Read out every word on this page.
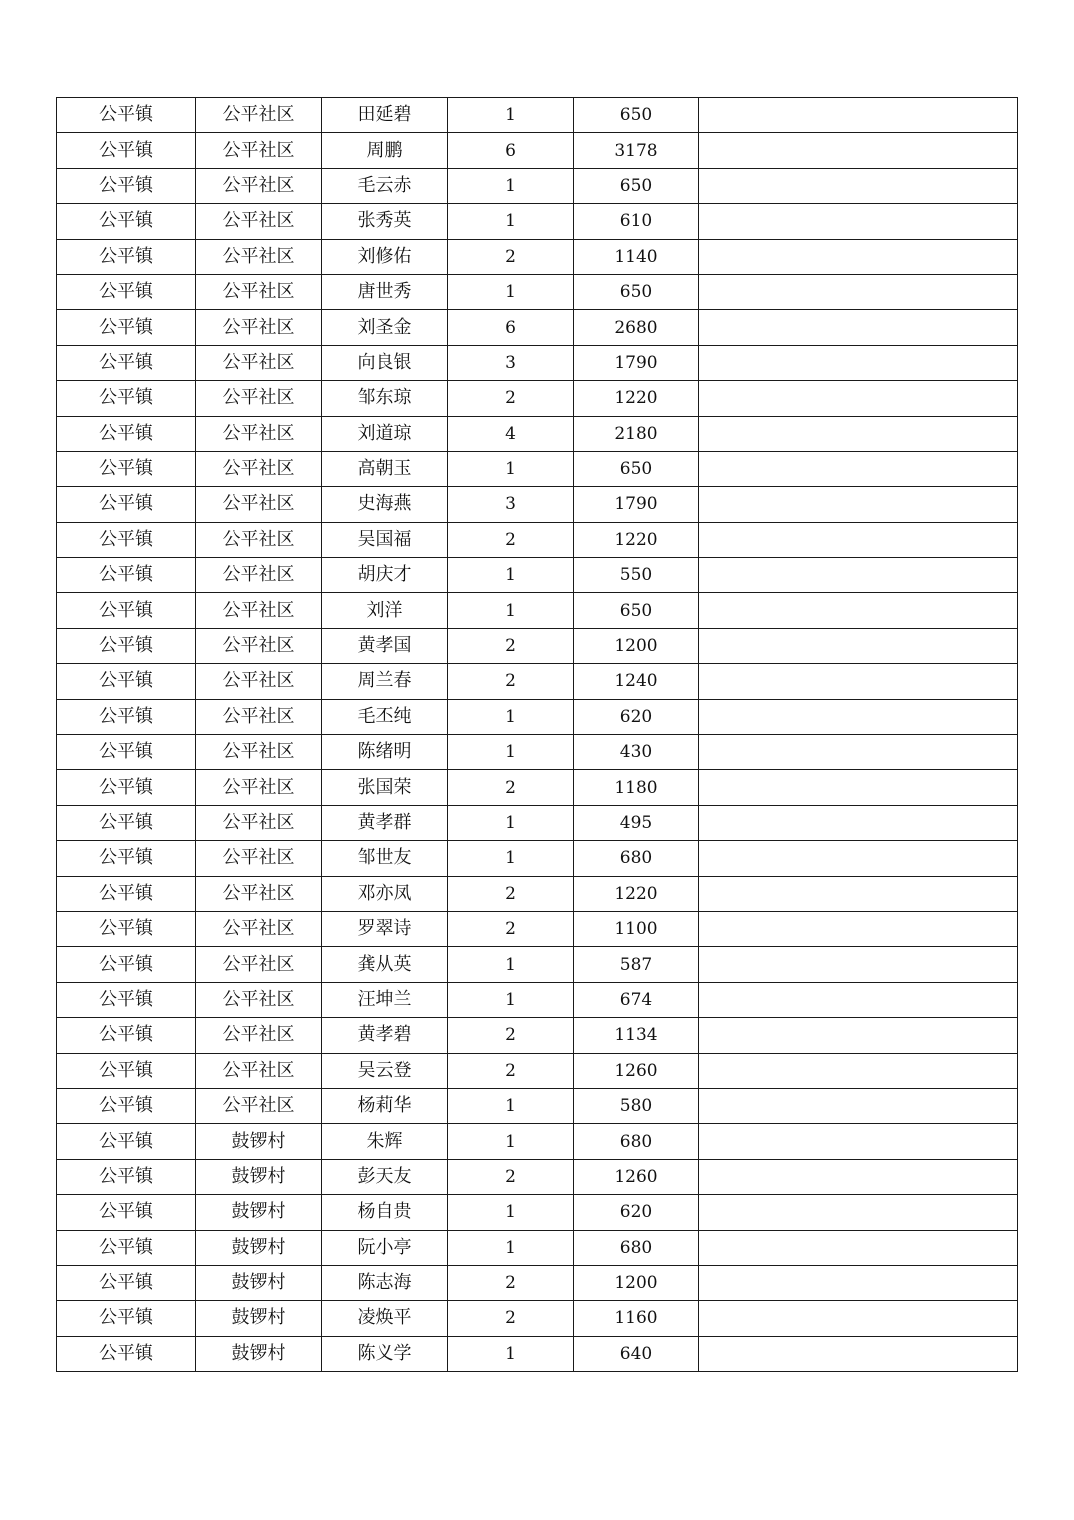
公平镇	公平社区	田延碧	1	650	
公平镇	公平社区	周鹏	6	3178	
公平镇	公平社区	毛云赤	1	650	
公平镇	公平社区	张秀英	1	610	
公平镇	公平社区	刘修佑	2	1140	
公平镇	公平社区	唐世秀	1	650	
公平镇	公平社区	刘圣金	6	2680	
公平镇	公平社区	向良银	3	1790	
公平镇	公平社区	邹东琼	2	1220	
公平镇	公平社区	刘道琼	4	2180	
公平镇	公平社区	高朝玉	1	650	
公平镇	公平社区	史海燕	3	1790	
公平镇	公平社区	吴国福	2	1220	
公平镇	公平社区	胡庆才	1	550	
公平镇	公平社区	刘洋	1	650	
公平镇	公平社区	黄孝国	2	1200	
公平镇	公平社区	周兰春	2	1240	
公平镇	公平社区	毛丕纯	1	620	
公平镇	公平社区	陈绪明	1	430	
公平镇	公平社区	张国荣	2	1180	
公平镇	公平社区	黄孝群	1	495	
公平镇	公平社区	邹世友	1	680	
公平镇	公平社区	邓亦凤	2	1220	
公平镇	公平社区	罗翠诗	2	1100	
公平镇	公平社区	龚从英	1	587	
公平镇	公平社区	汪坤兰	1	674	
公平镇	公平社区	黄孝碧	2	1134	
公平镇	公平社区	吴云登	2	1260	
公平镇	公平社区	杨莉华	1	580	
公平镇	鼓锣村	朱辉	1	680	
公平镇	鼓锣村	彭天友	2	1260	
公平镇	鼓锣村	杨自贵	1	620	
公平镇	鼓锣村	阮小亭	1	680	
公平镇	鼓锣村	陈志海	2	1200	
公平镇	鼓锣村	凌焕平	2	1160	
公平镇	鼓锣村	陈义学	1	640	
